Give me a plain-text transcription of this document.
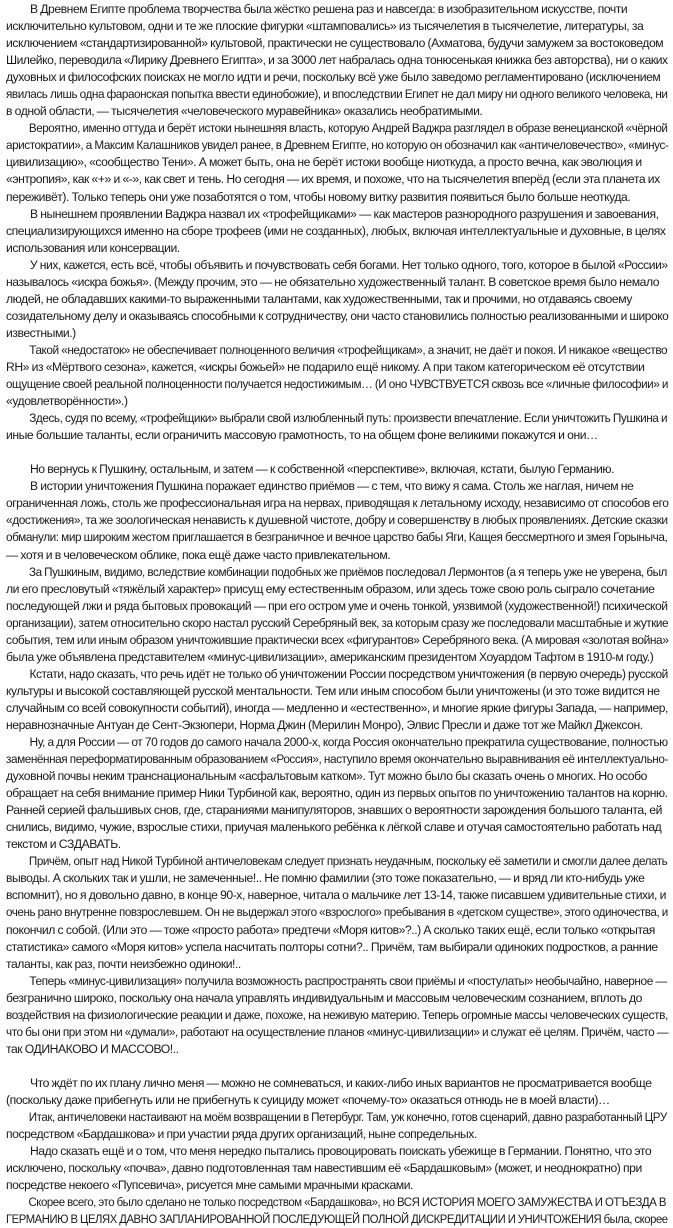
В Древнем Египте проблема творчества была жёстко решена раз и навсегда: в изобразительном искусстве, почти
исключительно культовом, одни и те же плоские фигурки «штамповались» из тысячелетия в тысячелетие, литературы, за
исключением «стандартизированной» культовой, практически не существовало (Ахматова, будучи замужем за востоковедом
Шилейко, переводила «Лирику Древнего Египта», и за 3000 лет набралась одна тонюсенькая книжка без авторства), ни о каких
духовных и философских поисках не могло идти и речи, поскольку всё уже было заведомо регламентировано (исключением
явилась лишь одна фараонская попытка ввести единобожие), и впоследствии Египет не дал миру ни одного великого человека, ни
в одной области, — тысячелетия «человеческого муравейника» оказались необратимыми.

Вероятно, именно оттуда и берёт истоки нынешняя власть, которую Андрей Ваджра разглядел в образе венецианской «чёрной
аристократии», а Максим Калашников увидел ранее, в Древнем Египте, но которую он обозначил как «античеловечество», «минус-
цивилизацию», «сообщество Тени». А может быть, она не берёт истоки вообще ниоткуда, а просто вечна, как эволюция и
«энтропия», как «+» и «-», как свет и тень. Но сегодня — их время, и похоже, что на тысячелетия вперёд (если эта планета их
переживёт). Только теперь они уже позаботятся о том, чтобы новому витку развития появиться было больше неоткуда.

В нынешнем проявлении Ваджра назвал их «трофейщиками» — как мастеров разнородного разрушения и завоевания,
специализирующихся именно на сборе трофеев (ими не созданных), любых, включая интеллектуальные и духовные, в целях
использования или консервации.

У них, кажется, есть всё, чтобы объявить и почувствовать себя богами. Нет только одного, того, которое в былой «России»
называлось «искра божья». (Между прочим, это — не обязательно художественный талант. В советское время было немало
людей, не обладавших какими-то выраженными талантами, как художественными, так и прочими, но отдаваясь своему
созидательному делу и оказываясь способными к сотрудничеству, они часто становились полностью реализованными и широко
известными.)

Такой «недостаток» не обеспечивает полноценного величия «трофейщикам», а значит, не даёт и покоя. И никакое «вещество
RH» из «Мёртвого сезона», кажется, «искры божьей» не подарило ещё никому. А при таком категорическом её отсутствии
ощущение своей реальной полноценности получается недостижимым… (И оно ЧУВСТВУЕТСЯ сквозь все «личные философии» и
«удовлетворённости».)

Здесь, судя по всему, «трофейщики» выбрали свой излюбленный путь: произвести впечатление. Если уничтожить Пушкина и
иные большие таланты, если ограничить массовую грамотность, то на общем фоне великими покажутся и они…

Но вернусь к Пушкину, остальным, и затем — к собственной «перспективе», включая, кстати, былую Германию.

В истории уничтожения Пушкина поражает единство приёмов — с тем, что вижу я сама. Столь же наглая, ничем не
ограниченная ложь, столь же профессиональная игра на нервах, приводящая к летальному исходу, независимо от способов его
«достижения», та же зоологическая ненависть к душевной чистоте, добру и совершенству в любых проявлениях. Детские сказки
обманули: мир широким жестом приглашается в безграничное и вечное царство бабы Яги, Кащея бессмертного и змея Горыныча,
— хотя и в человеческом облике, пока ещё даже часто привлекательном.

За Пушкиным, видимо, вследствие комбинации подобных же приёмов последовал Лермонтов (а я теперь уже не уверена, был
ли его пресловутый «тяжёлый характер» присущ ему естественным образом, или здесь тоже свою роль сыграло сочетание
последующей лжи и ряда бытовых провокаций — при его остром уме и очень тонкой, уязвимой (художественной!) психической
организации), затем относительно скоро настал русский Серебряный век, за которым сразу же последовали масштабные и жуткие
события, тем или иным образом уничтожившие практически всех «фигурантов» Серебряного века. (А мировая «золотая война»
была уже объявлена представителем «минус-цивилизации», американским президентом Хоуардом Тафтом в 1910-м году.)

Кстати, надо сказать, что речь идёт не только об уничтожении России посредством уничтожения (в первую очередь) русской
культуры и высокой составляющей русской ментальности. Тем или иным способом были уничтожены (и это тоже видится не
случайным со всей совокупности событий), иногда — медленно и «естественно», и многие яркие фигуры Запада, — например,
неравнозначные Антуан де Сент-Экзюпери, Норма Джин (Мерилин Монро), Элвис Пресли и даже тот же Майкл Джексон.

Ну, а для России — от 70 годов до самого начала 2000-х, когда Россия окончательно прекратила существование, полностью
заменённая переформатированным образованием «Россия», наступило время окончательно выравнивания её интеллектуально-
духовной почвы неким транснациональным «асфальтовым катком». Тут можно было бы сказать очень о многих. Но особо
обращает на себя внимание пример Ники Турбиной как, вероятно, один из первых опытов по уничтожению талантов на корню.
Ранней серией фальшивых снов, где, стараниями манипуляторов, знавших о вероятности зарождения большого таланта, ей
снились, видимо, чужие, взрослые стихи, приучая маленького ребёнка к лёгкой славе и отучая самостоятельно работать над
текстом и СЗДАВАТЬ.

Причём, опыт над Никой Турбиной античеловекам следует признать неудачным, поскольку её заметили и смогли далее делать
выводы. А скольких так и ушли, не замеченные!.. Не помню фамилии (это тоже показательно, — и вряд ли кто-нибудь уже
вспомнит), но я довольно давно, в конце 90-х, наверное, читала о мальчике лет 13-14, также писавшем удивительные стихи, и
очень рано внутренне повзрослевшем. Он не выдержал этого «взрослого» пребывания в «детском существе», этого одиночества, и
покончил с собой. (Или это — тоже «просто работа» предтечи «Моря китов»?..) А сколько таких ещё, если только «открытая
статистика» самого «Моря китов» успела насчитать полторы сотни?.. Причём, там выбирали одиноких подростков, а ранние
таланты, как раз, почти неизбежно одиноки!..

Теперь «минус-цивилизация» получила возможность распространять свои приёмы и «постулаты» необычайно, наверное —
безгранично широко, поскольку она начала управлять индивидуальным и массовым человеческим сознанием, вплоть до
воздействия на физиологические реакции и даже, похоже, на неживую материю. Теперь огромные массы человеческих существ,
что бы они при этом ни «думали», работают на осуществление планов «минус-цивилизации» и служат её целям. Причём, часто —
так ОДИНАКОВО И МАССОВО!..

Что ждёт по их плану лично меня — можно не сомневаться, и каких-либо иных вариантов не просматривается вообще
(поскольку даже прибегнуть или не прибегнуть к суициду может «почему-то» оказаться отнюдь не в моей власти)…

Итак, античеловеки настаивают на моём возвращении в Петербург. Там, уж конечно, готов сценарий, давно разработанный ЦРУ
посредством «Бардашкова» и при участии ряда других организаций, ныне сопредельных.

Надо сказать ещё и о том, что меня нередко пытались провоцировать поискать убежище в Германии. Понятно, что это
исключено, поскольку «почва», давно подготовленная там навестившим её «Бардашковым» (может, и неоднократно) при
посредстве некоего «Пупсевича», рисуется мне самыми мрачными красками.

Скорее всего, это было сделано не только посредством «Бардашкова», но ВСЯ ИСТОРИЯ МОЕГО ЗАМУЖЕСТВА И ОТЪЕЗДА В
ГЕРМАНИЮ В ЦЕЛЯХ ДАВНО ЗАПЛАНИРОВАННОЙ ПОСЛЕДУЮЩЕЙ ПОЛНОЙ ДИСКРЕДИТАЦИИ И УНИЧТОЖЕНИЯ была, скорее
